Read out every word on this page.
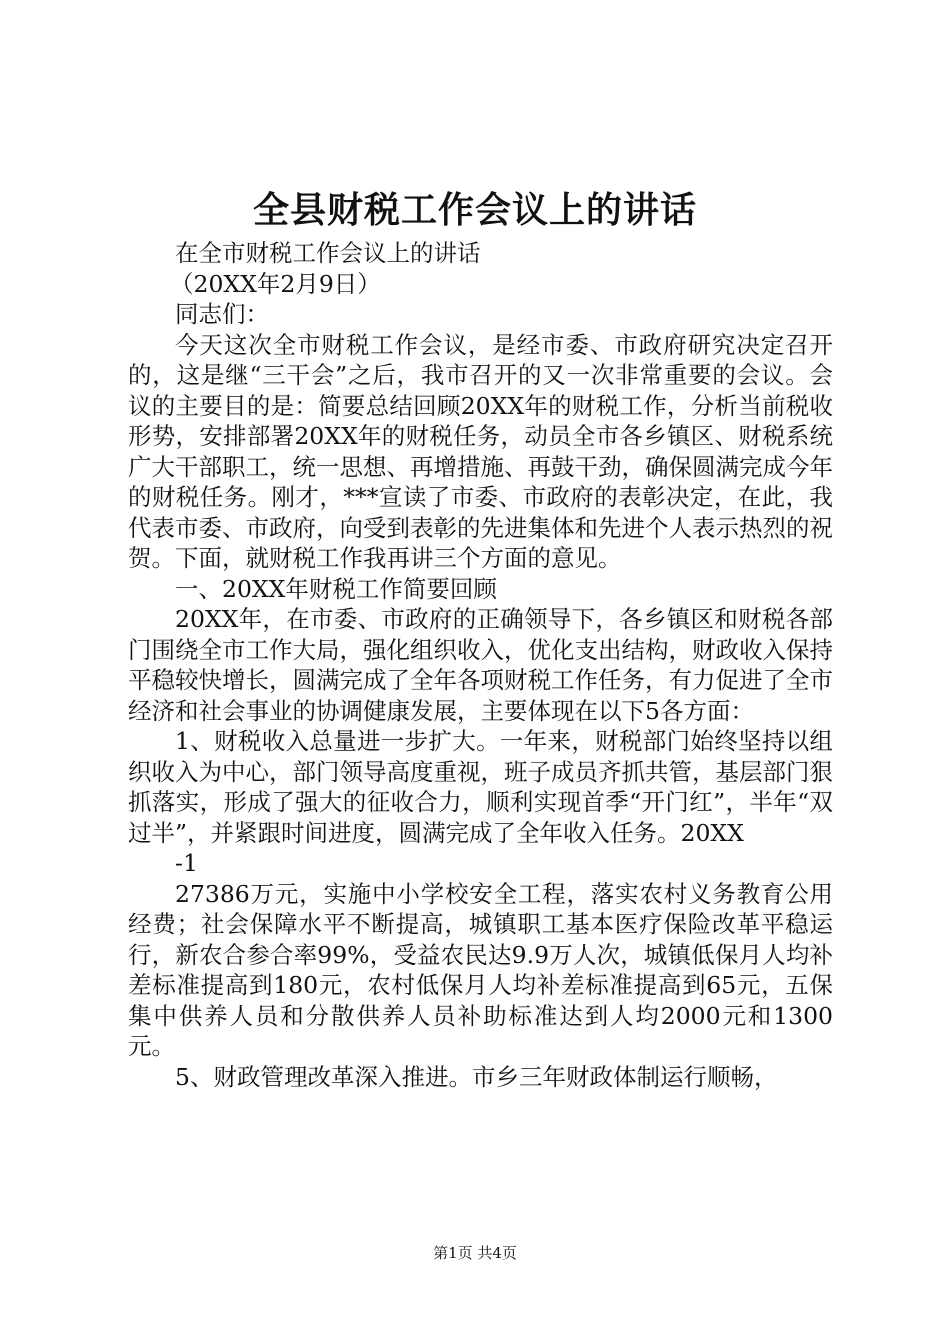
全县财税工作会议上的讲话

在全市财税工作会议上的讲话

（20XX年2月9日）

同志们：

今天这次全市财税工作会议，是经市委、市政府研究决定召开的，这是继“三干会”之后，我市召开的又一次非常重要的会议。会议的主要目的是：简要总结回顾20XX年的财税工作，分析当前税收形势，安排部署20XX年的财税任务，动员全市各乡镇区、财税系统广大干部职工，统一思想、再增措施、再鼓干劲，确保圆满完成今年的财税任务。刚才，***宣读了市委、市政府的表彰决定，在此，我代表市委、市政府，向受到表彰的先进集体和先进个人表示热烈的祝贺。下面，就财税工作我再讲三个方面的意见。

一、20XX年财税工作简要回顾

20XX年，在市委、市政府的正确领导下，各乡镇区和财税各部门围绕全市工作大局，强化组织收入，优化支出结构，财政收入保持平稳较快增长，圆满完成了全年各项财税工作任务，有力促进了全市经济和社会事业的协调健康发展，主要体现在以下5各方面：

1、财税收入总量进一步扩大。一年来，财税部门始终坚持以组织收入为中心，部门领导高度重视，班子成员齐抓共管，基层部门狠抓落实，形成了强大的征收合力，顺利实现首季“开门红”，半年“双过半”，并紧跟时间进度，圆满完成了全年收入任务。20XX

-1

27386万元，实施中小学校安全工程，落实农村义务教育公用经费；社会保障水平不断提高，城镇职工基本医疗保险改革平稳运行，新农合参合率99%，受益农民达9.9万人次，城镇低保月人均补差标准提高到180元，农村低保月人均补差标准提高到65元，五保集中供养人员和分散供养人员补助标准达到人均2000元和1300元。

5、财政管理改革深入推进。市乡三年财政体制运行顺畅，

第1页 共4页
